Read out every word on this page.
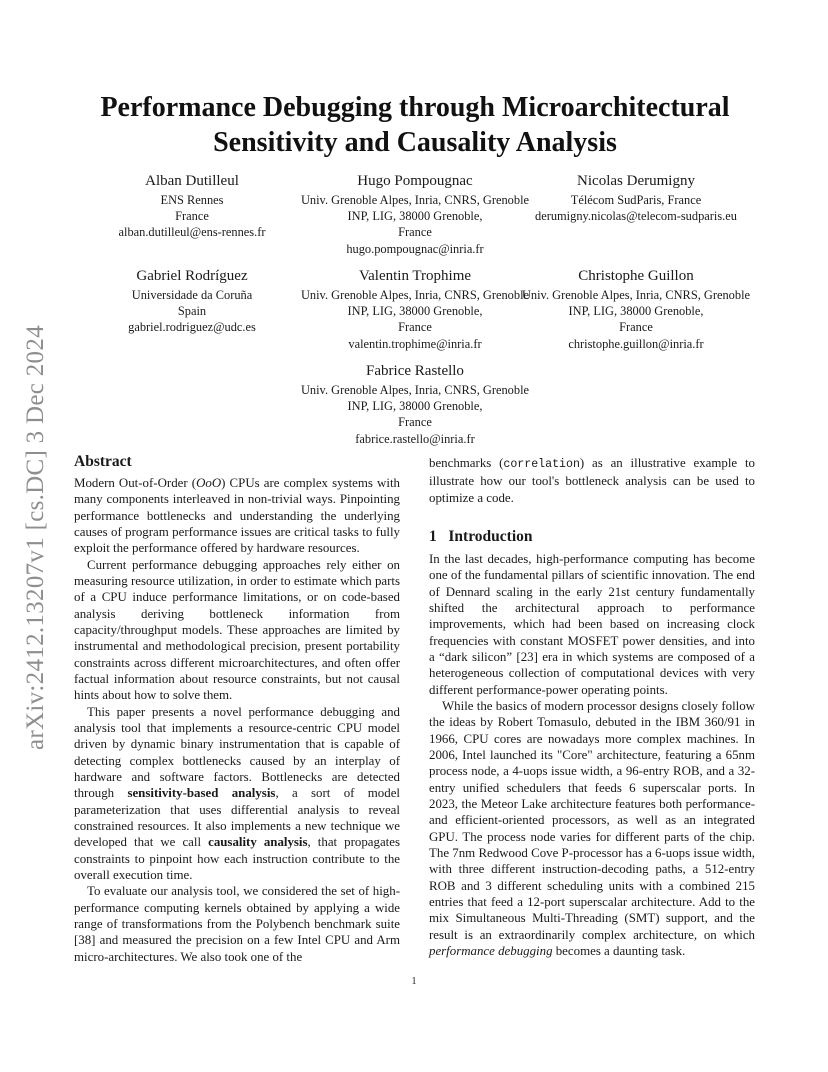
arXiv:2412.13207v1 [cs.DC] 3 Dec 2024
Performance Debugging through Microarchitectural Sensitivity and Causality Analysis
Alban Dutilleul
ENS Rennes
France
alban.dutilleul@ens-rennes.fr
Hugo Pompougnac
Univ. Grenoble Alpes, Inria, CNRS, Grenoble INP, LIG, 38000 Grenoble,
France
hugo.pompougnac@inria.fr
Nicolas Derumigny
Télécom SudParis, France
derumigny.nicolas@telecom-sudparis.eu
Gabriel Rodríguez
Universidade da Coruña
Spain
gabriel.rodriguez@udc.es
Valentin Trophime
Univ. Grenoble Alpes, Inria, CNRS, Grenoble INP, LIG, 38000 Grenoble,
France
valentin.trophime@inria.fr
Christophe Guillon
Univ. Grenoble Alpes, Inria, CNRS, Grenoble INP, LIG, 38000 Grenoble,
France
christophe.guillon@inria.fr
Fabrice Rastello
Univ. Grenoble Alpes, Inria, CNRS, Grenoble INP, LIG, 38000 Grenoble,
France
fabrice.rastello@inria.fr
Abstract

Modern Out-of-Order (OoO) CPUs are complex systems with many components interleaved in non-trivial ways. Pinpointing performance bottlenecks and understanding the underlying causes of program performance issues are critical tasks to fully exploit the performance offered by hardware resources.

Current performance debugging approaches rely either on measuring resource utilization, in order to estimate which parts of a CPU induce performance limitations, or on code-based analysis deriving bottleneck information from capacity/throughput models. These approaches are limited by instrumental and methodological precision, present portability constraints across different microarchitectures, and often offer factual information about resource constraints, but not causal hints about how to solve them.

This paper presents a novel performance debugging and analysis tool that implements a resource-centric CPU model driven by dynamic binary instrumentation that is capable of detecting complex bottlenecks caused by an interplay of hardware and software factors. Bottlenecks are detected through sensitivity-based analysis, a sort of model parameterization that uses differential analysis to reveal constrained resources. It also implements a new technique we developed that we call causality analysis, that propagates constraints to pinpoint how each instruction contribute to the overall execution time.

To evaluate our analysis tool, we considered the set of high-performance computing kernels obtained by applying a wide range of transformations from the Polybench benchmark suite [38] and measured the precision on a few Intel CPU and Arm micro-architectures. We also took one of the

benchmarks (correlation) as an illustrative example to illustrate how our tool's bottleneck analysis can be used to optimize a code.

1 Introduction

In the last decades, high-performance computing has become one of the fundamental pillars of scientific innovation. The end of Dennard scaling in the early 21st century fundamentally shifted the architectural approach to performance improvements, which had been based on increasing clock frequencies with constant MOSFET power densities, and into a “dark silicon” [23] era in which systems are composed of a heterogeneous collection of computational devices with very different performance-power operating points.

While the basics of modern processor designs closely follow the ideas by Robert Tomasulo, debuted in the IBM 360/91 in 1966, CPU cores are nowadays more complex machines. In 2006, Intel launched its "Core" architecture, featuring a 65nm process node, a 4-uops issue width, a 96-entry ROB, and a 32-entry unified schedulers that feeds 6 superscalar ports. In 2023, the Meteor Lake architecture features both performance- and efficient-oriented processors, as well as an integrated GPU. The process node varies for different parts of the chip. The 7nm Redwood Cove P-processor has a 6-uops issue width, with three different instruction-decoding paths, a 512-entry ROB and 3 different scheduling units with a combined 215 entries that feed a 12-port superscalar architecture. Add to the mix Simultaneous Multi-Threading (SMT) support, and the result is an extraordinarily complex architecture, on which performance debugging becomes a daunting task.

1
